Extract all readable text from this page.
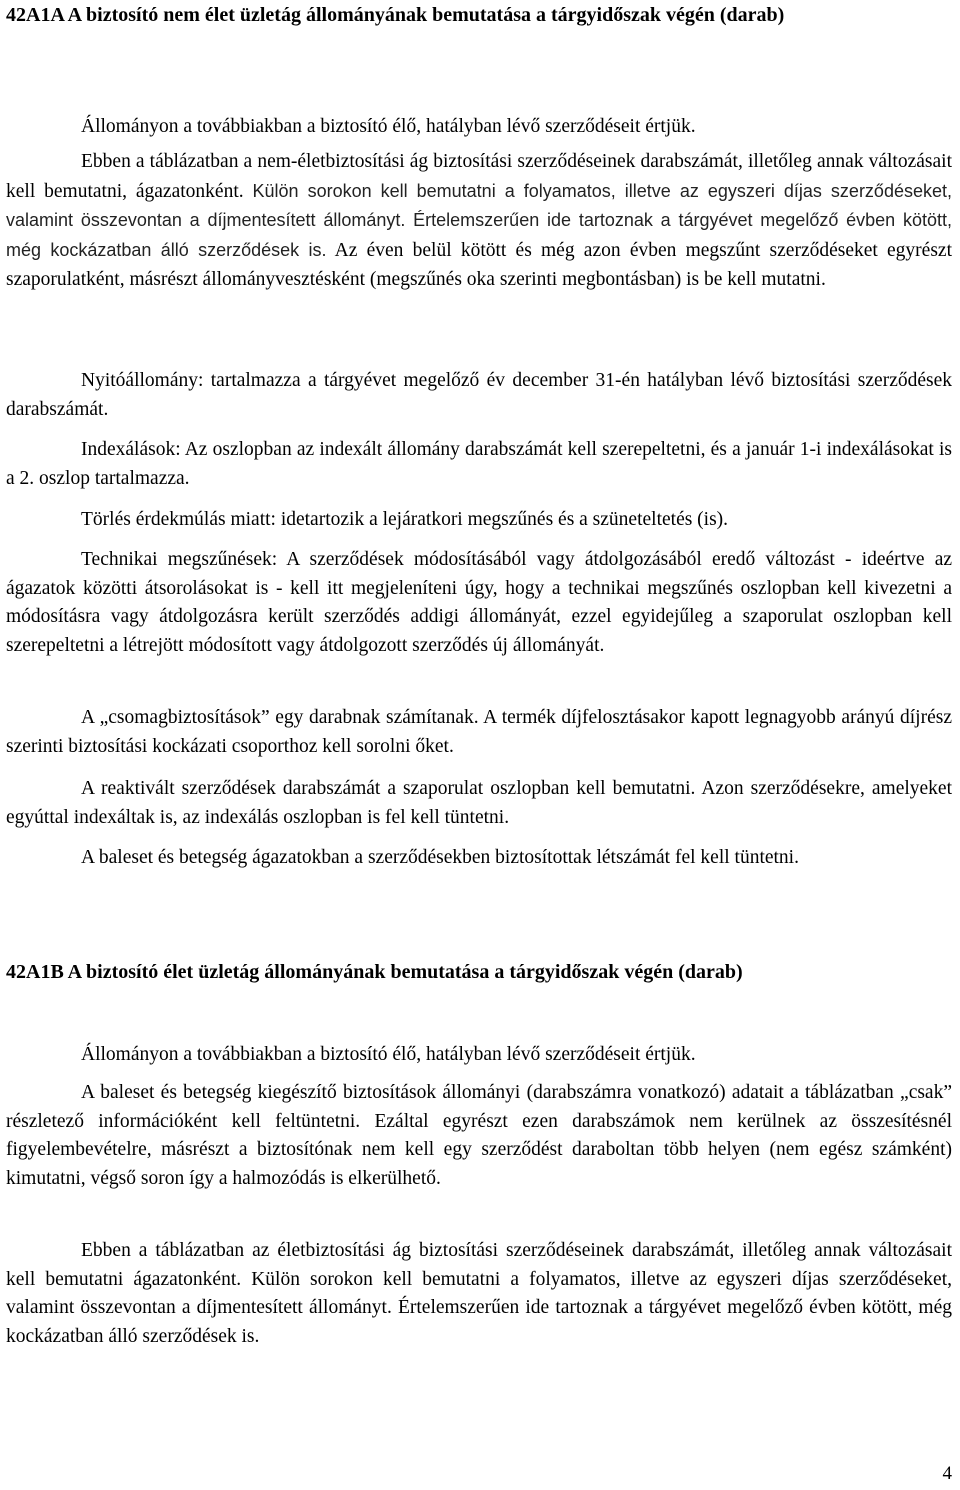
42A1A A biztosító nem élet üzletág állományának bemutatása a tárgyidőszak végén (darab)

Állományon a továbbiakban a biztosító élő, hatályban lévő szerződéseit értjük.

Ebben a táblázatban a nem-életbiztosítási ág biztosítási szerződéseinek darabszámát, illetőleg annak változásait kell bemutatni, ágazatonként. Külön sorokon kell bemutatni a folyamatos, illetve az egyszeri díjas szerződéseket, valamint összevontan a díjmentesített állományt. Értelemszerűen ide tartoznak a tárgyévet megelőző évben kötött, még kockázatban álló szerződések is. Az éven belül kötött és még azon évben megszűnt szerződéseket egyrészt szaporulatként, másrészt állományvesztésként (megszűnés oka szerinti megbontásban) is be kell mutatni.

Nyitóállomány: tartalmazza a tárgyévet megelőző év december 31-én hatályban lévő biztosítási szerződések darabszámát.

Indexálások: Az oszlopban az indexált állomány darabszámát kell szerepeltetni, és a január 1-i indexálásokat is a 2. oszlop tartalmazza.

Törlés érdekmúlás miatt: idetartozik a lejáratkori megszűnés és a szüneteltetés (is).

Technikai megszűnések: A szerződések módosításából vagy átdolgozásából eredő változást - ideértve az ágazatok közötti átsorolásokat is - kell itt megjeleníteni úgy, hogy a technikai megszűnés oszlopban kell kivezetni a módosításra vagy átdolgozásra került szerződés addigi állományát, ezzel egyidejűleg a szaporulat oszlopban kell szerepeltetni a létrejött módosított vagy átdolgozott szerződés új állományát.

A „csomagbiztosítások” egy darabnak számítanak. A termék díjfelosztásakor kapott legnagyobb arányú díjrész szerinti biztosítási kockázati csoporthoz kell sorolni őket.

A reaktivált szerződések darabszámát a szaporulat oszlopban kell bemutatni. Azon szerződésekre, amelyeket egyúttal indexáltak is, az indexálás oszlopban is fel kell tüntetni.

A baleset és betegség ágazatokban a szerződésekben biztosítottak létszámát fel kell tüntetni.

42A1B A biztosító élet üzletág állományának bemutatása a tárgyidőszak végén (darab)

Állományon a továbbiakban a biztosító élő, hatályban lévő szerződéseit értjük.

A baleset és betegség kiegészítő biztosítások állományi (darabszámra vonatkozó) adatait a táblázatban „csak” részletező információként kell feltüntetni. Ezáltal egyrészt ezen darabszámok nem kerülnek az összesítésnél figyelembevételre, másrészt a biztosítónak nem kell egy szerződést daraboltan több helyen (nem egész számként) kimutatni, végső soron így a halmozódás is elkerülhető.

Ebben a táblázatban az életbiztosítási ág biztosítási szerződéseinek darabszámát, illetőleg annak változásait kell bemutatni ágazatonként. Külön sorokon kell bemutatni a folyamatos, illetve az egyszeri díjas szerződéseket, valamint összevontan a díjmentesített állományt. Értelemszerűen ide tartoznak a tárgyévet megelőző évben kötött, még kockázatban álló szerződések is.

4
